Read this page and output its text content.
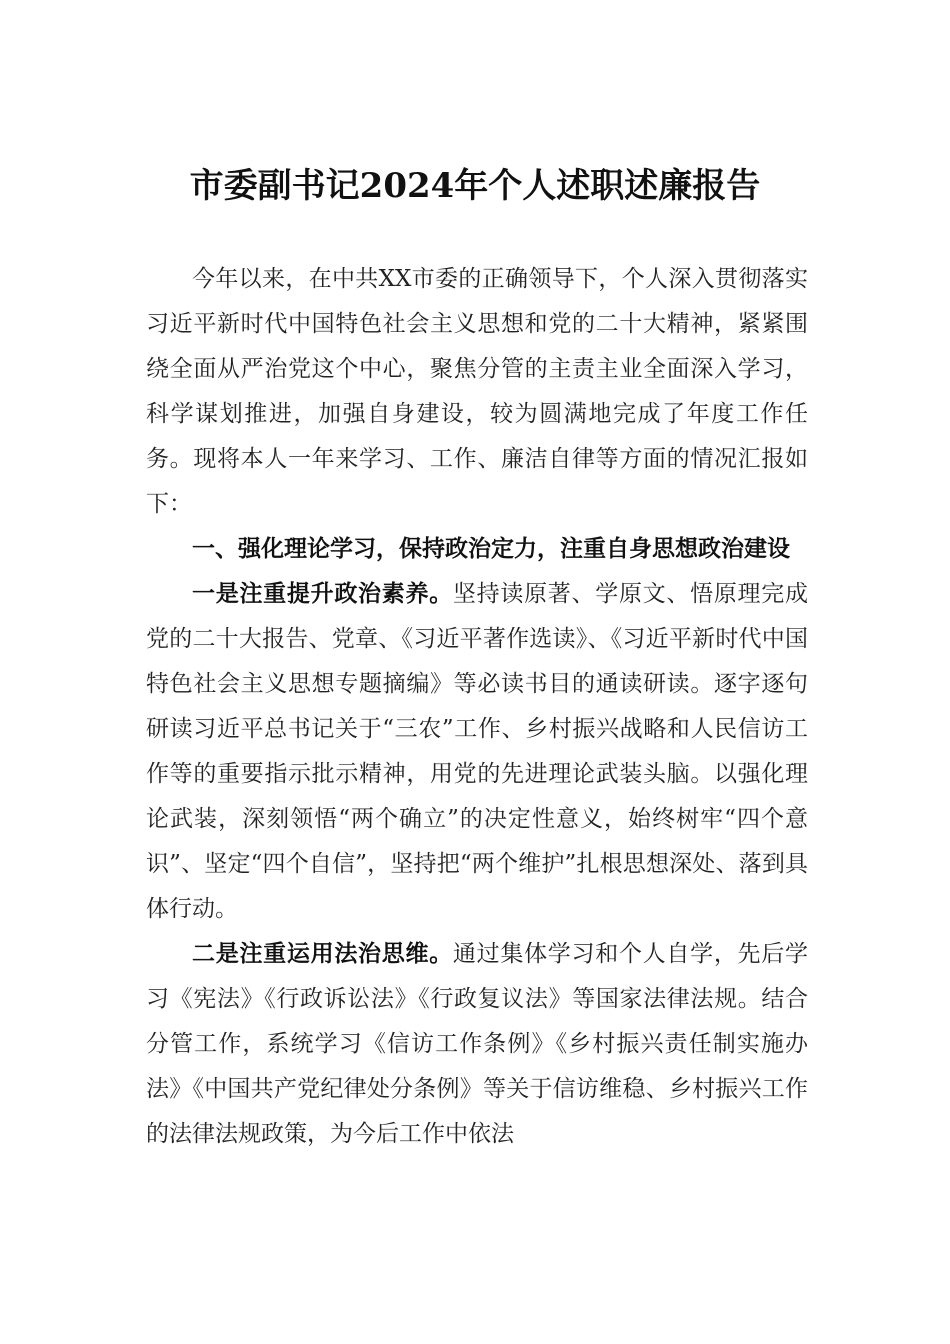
市委副书记2024年个人述职述廉报告

今年以来，在中共XX市委的正确领导下，个人深入贯彻落实习近平新时代中国特色社会主义思想和党的二十大精神，紧紧围绕全面从严治党这个中心，聚焦分管的主责主业全面深入学习，科学谋划推进，加强自身建设，较为圆满地完成了年度工作任务。现将本人一年来学习、工作、廉洁自律等方面的情况汇报如下：

一、强化理论学习，保持政治定力，注重自身思想政治建设

一是注重提升政治素养。坚持读原著、学原文、悟原理完成党的二十大报告、党章、《习近平著作选读》、《习近平新时代中国特色社会主义思想专题摘编》等必读书目的通读研读。逐字逐句研读习近平总书记关于“三农”工作、乡村振兴战略和人民信访工作等的重要指示批示精神，用党的先进理论武装头脑。以强化理论武装，深刻领悟“两个确立”的决定性意义，始终树牢“四个意识”、坚定“四个自信”，坚持把“两个维护”扎根思想深处、落到具体行动。

二是注重运用法治思维。通过集体学习和个人自学，先后学习《宪法》《行政诉讼法》《行政复议法》等国家法律法规。结合分管工作，系统学习《信访工作条例》《乡村振兴责任制实施办法》《中国共产党纪律处分条例》等关于信访维稳、乡村振兴工作的法律法规政策，为今后工作中依法
